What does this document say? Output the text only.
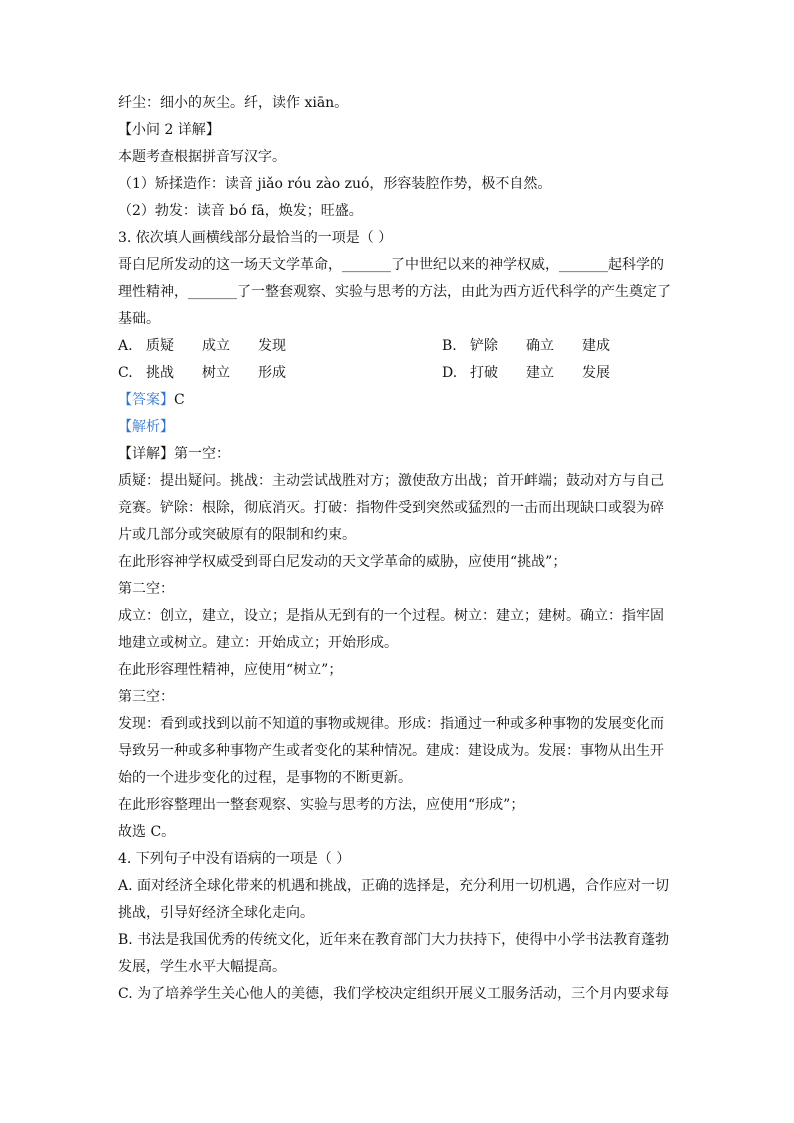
纤尘：细小的灰尘。纤，读作 xiān。
【小问 2 详解】
本题考查根据拼音写汉字。
（1）矫揉造作：读音 jiǎo róu zào zuó，形容装腔作势，极不自然。
（2）勃发：读音 bó fā，焕发；旺盛。
3. 依次填人画横线部分最恰当的一项是（ ）
哥白尼所发动的这一场天文学革命，_______了中世纪以来的神学权威，_______起科学的
理性精神，_______了一整套观察、实验与思考的方法，由此为西方近代科学的产生奠定了
基础。
A. 质疑	成立	发现	B. 铲除	确立	建成
C. 挑战	树立	形成	D. 打破	建立	发展
【答案】C
【解析】
【详解】第一空：
质疑：提出疑问。挑战：主动尝试战胜对方；激使敌方出战；首开衅端；鼓动对方与自己
竞赛。铲除：根除，彻底消灭。打破：指物件受到突然或猛烈的一击而出现缺口或裂为碎
片或几部分或突破原有的限制和约束。
在此形容神学权威受到哥白尼发动的天文学革命的威胁，应使用“挑战”；
第二空：
成立：创立，建立，设立；是指从无到有的一个过程。树立：建立；建树。确立：指牢固
地建立或树立。建立：开始成立；开始形成。
在此形容理性精神，应使用“树立”；
第三空：
发现：看到或找到以前不知道的事物或规律。形成：指通过一种或多种事物的发展变化而
导致另一种或多种事物产生或者变化的某种情况。建成：建设成为。发展：事物从出生开
始的一个进步变化的过程，是事物的不断更新。
在此形容整理出一整套观察、实验与思考的方法，应使用“形成”；
故选 C。
4. 下列句子中没有语病的一项是（ ）
A. 面对经济全球化带来的机遇和挑战，正确的选择是，充分利用一切机遇，合作应对一切
挑战，引导好经济全球化走向。
B. 书法是我国优秀的传统文化，近年来在教育部门大力扶持下，使得中小学书法教育蓬勃
发展，学生水平大幅提高。
C. 为了培养学生关心他人的美德，我们学校决定组织开展义工服务活动，三个月内要求每
